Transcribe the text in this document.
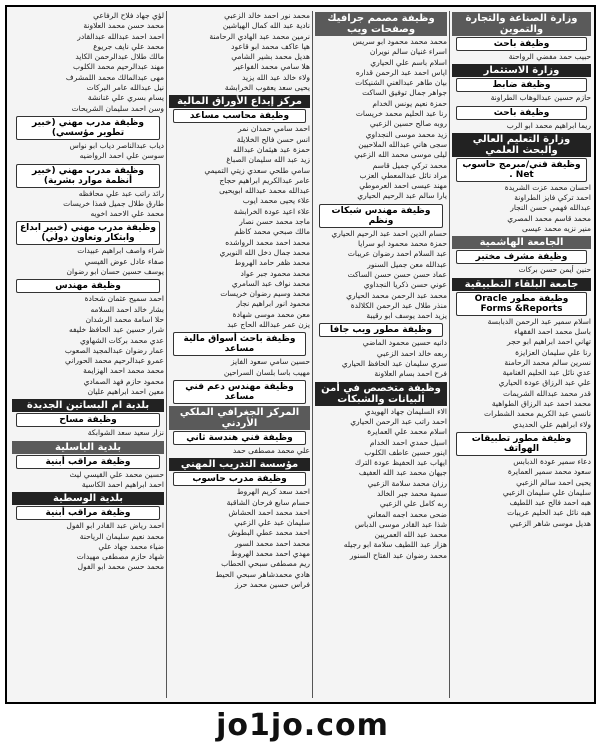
وزارة الصناعة والتجارة والتموين
وظيفة باحث
حبيب حمد مفضي الرواحنة
وزارة الاستثمار
وظيفة ضابط
حازم حسين عبدالوهاب الطراونة
وظيفة باحث
ريما ابراهيم محمد ابو الرب
وزارة التعليم العالي والبحث العلمي
وظيفة فني/مبرمج حاسوب Net .
احسان محمد عزت الشريدة
احمد تركي فايز الطراونة
عبدالله فهمي حسن النجار
محمد قاسم محمد المصري
منير نزيه محمد عيسى
الجامعة الهاشمية
وظيفة مشرف مختبر
حنين أيمن حسن بركات
جامعة البلقاء التطبيقية
وظيفة مطور Oracle Forms &Reports
اسلام سمير عبد الرحمن الدبابسة
باسل محمد احمد الفقهاء
تهاني احمد ابراهيم ابو حجر
رنا علي سليمان العزايزة
نسرين سالم محمد الرحامنة
عدي نائل عبد الحليم الغنامية
علي عبد الرزاق عودة الحياري
قدر محمد عبدالله الشريمات
محمد احمد عبد الرزاق الطواهية
نانسي عبد الكريم محمد الشطرات
ولاء ابراهيم علي الحديدي
وظيفة مطور تطبيقات الهواتف
دعاء سمير عودة الدبابس
سعود محمد سمير العمايرة
يحيى احمد سالم الزعبي
سليمان علي سليمان الزعبي
هبه احمد فالح عبد اللطيف
هبه نائل عبد الحليم عريبات
هديل موسى شاهر الزعبي
وظيفة مصمم جرافيك وصفحات ويب
محمد محمد محمود ابو سريس
اسراء غنيان سالم نويران
اسلام باسم علي الحياري
اياس احمد عبد الرحمن قداره
بيان طاهر عبدالغني الشنيكات
جواهر جمال توفيق الساكت
حمزة نعيم يونس الخدام
رنا عبد الحليم محمد خريسات
روبه صالح حسين الزعبي
زيد محمد موسى النجداوي
سجى هاني عبدالله الملاحيين
ليلى موسى محمد الله الزعبي
محمد تركي جميل قاسم
مراد نائل عبدالمعطي العزب
مهند عيسى احمد العرموطي
يارا سالم عبد الرحيم الحياري
وظيفة مهندس شبكات ونظم
حسام الدين احمد عبد الرحيم الحياري
حمزة محمد محمود ابو سرايا
عبد السلام احمد رضوان عريبات
عبدالله معن جميل السنور
عماد حسن حسن حسن الساكت
عوني حسن ذكريا النجداوي
محمد عبد الرحمن محمد الحياري
منذر طلال عبد الرحمن الكلالدة
يزيد احمد يوسف ابو رقيبة
وظيفة مطور ويب جافا
دانيه حسين محمود الماضي
ربعه خالد احمد الزعبي
سري سليمان عبد الحافظ الحياري
فرح احمد بسام العلاونة
وظيفة متخصص في أمن البيانات والشبكات
الاء السليمان جهاد الهويدي
احمد راتب عبد الرحمن الحياري
اسلام محمد علي العمايرة
اسيل حمدي احمد الخدام
اينور حسين عاطف الكلوب
ايهاب عبد الحفيظ عودة الترك
جيهان محمد عبد الله العفيف
رزان محمد سلامة الزعبي
سمية محمد جبر الخالد
ربه كامل علي الزعبي
ضحى محمد اجمه المعاني
شذا عبد القادر موسى الدباس
محمد عبد الله العمريين
هزار عبد اللطيف سلامة ابو رجيله
محمد رضوان عبد الفتاح السنور
محمد نور احمد خالد الزعبي
نادية عبد الله كمال الهياشين
نرمين محمد عبد الهادي الرحامنة
هيا عاكف محمد ابو قاعود
هديل محمد بشير الشامي
هلا سامي محمد الفواعير
ولاء خالد عبد الله يزيد
يحيى سعد يعقوب الخرابشة
مركز إيداع الأوراق المالية
وظيفة محاسب مساعد
احمد سامي حمدان نمر
انس حسن فالح الخلايلة
حمزة عبد هيثمان عبدالله
زيد عبد الله سليمان الصباغ
سامي طلحي سعدي زيتي التميمي
عامر عبدالكريم ابراهيم حجاج
عبدالله محمد عبدالله ابويحيى
علاء يحيى محمد ايوب
علاء اعيد عودة الخرابشة
ماجد محمد حسن نصار
مالك صبحي محمد كاظم
محمد احمد محمد الرواشده
محمد جمال دخل الله النويري
محمد ظفر حامد الهروط
محمد محمود جبر عواد
محمد نواف عبد السامري
محمد وسيم رضوان خريسات
محمود انور ابراهيم نجار
معن محمد موسى شهادة
يزن عمر عبدالله الحاج عبد
وظيفة باحث أسواق مالية مساعد
حسين سامي سعود الفايز
مهيب باسا بلسان السراحين
وظيفة مهندس دعم فني مساعد
المركز الجغرافي الملكي الأردني
وظيفة فني هندسة ثاني
علي محمد مصطفى حمد
مؤسسة التدريب المهني
وظيفة مدرب حاسوب
احمد سعد كريم الهروط
حسام سابع فرحان الشاقبة
احمد محمد احمد الحشاش
سليمان عبد علي الزعبي
احمد محمد عطي البطوش
محمد احمد محمد السور
مهدي احمد محمد الهروط
ريم مصطفى سبحي الحطاب
هادي محمدشاهر سبحي الحيط
فراس حسين محمد حرز
لؤي جهاد فلاح الرفاعي
محمد حسن محمد العلاونة
احمد احمد عبدالله عبدالقادر
محمد علي نايف جريوع
مالك طلال عبدالرحمن الكايد
مهند عبدالرحيم محمد الكلوب
مهى عبدالمالك محمد اللمشرف
نيل عبدالله عامر البركات
يسام بسري علي غنانشة
وسن احمد سليمان الشريحات
وظيفة مدرب مهني (خبير تطوير مؤسسي)
دياب عبدالناصر دياب ابو نواس
سوسن علي احمد الرواضيه
وظيفة مدرب مهني (خبير أنظمة موارد بشرية)
رائد راتب عبد علي محافظه
طارق طلال جميل فمذا خريسات
محمد علي الاحمد اخويه
وظيفة مدرب مهني (خبير ابداع وابتكار وتعاون دولي)
شراء واصف ابراهيم عبيدات
صفاء عادل عوض القيسي
يوسف حسين حسان ابو رضوان
وظيفة مهندس
احمد سميح عثمان شحادة
بشار خالد احمد السلامه
حلا اسامة محمد الرشدان
شرار حسين عبد الحافظ خليفه
عدي محمد بركات الشهاوي
عمار رضوان عبدالمجيد الصعوب
عمرو عبدالرحيم محمد الحوراني
محمد محمد احمد الهزايمة
محمود حازم فهد الصمادي
معين احمد ابراهيم عليان
بلدية ام البساتين الجديدة
وظيفة مساح
نزار سعيد سعد الشوابكة
بلدية الباسلية
وظيفة مراقب أبنية
حسين محمد علي القيسي ليث
احمد ابراهيم احمد الكاسية
بلدية الوسطية
وظيفة مراقب أبنية
احمد رياض عبد القادر ابو الفول
محمد نعيم سليمان الرياحنة
ضياء محمد جهاد علي
شهاد حازم مصطفى مهيدات
محمد حسن محمد ابو الفول
jo1jo.com
